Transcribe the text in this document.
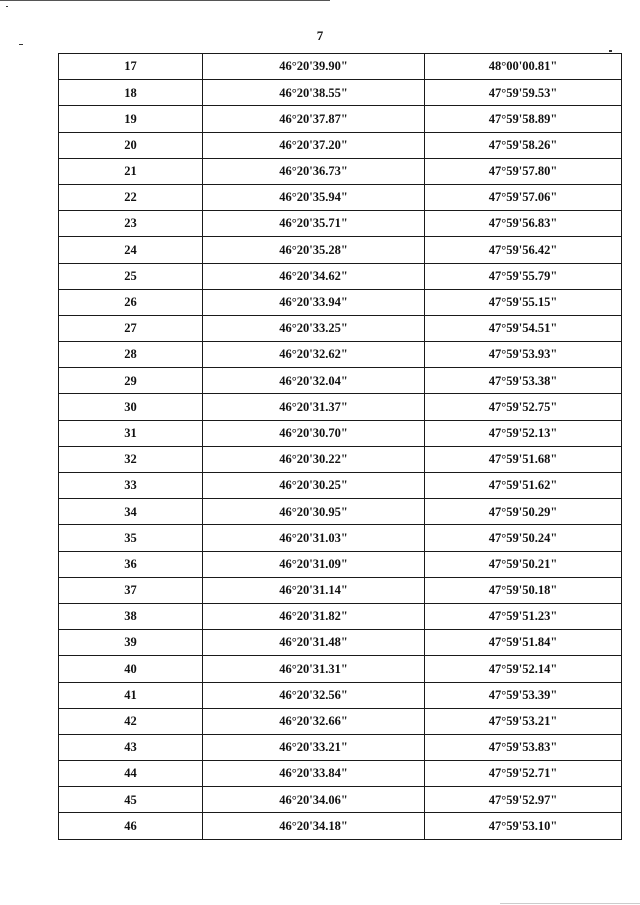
7
17	46°20'39.90"	48°00'00.81"
18	46°20'38.55"	47°59'59.53"
19	46°20'37.87"	47°59'58.89"
20	46°20'37.20"	47°59'58.26"
21	46°20'36.73"	47°59'57.80"
22	46°20'35.94"	47°59'57.06"
23	46°20'35.71"	47°59'56.83"
24	46°20'35.28"	47°59'56.42"
25	46°20'34.62"	47°59'55.79"
26	46°20'33.94"	47°59'55.15"
27	46°20'33.25"	47°59'54.51"
28	46°20'32.62"	47°59'53.93"
29	46°20'32.04"	47°59'53.38"
30	46°20'31.37"	47°59'52.75"
31	46°20'30.70"	47°59'52.13"
32	46°20'30.22"	47°59'51.68"
33	46°20'30.25"	47°59'51.62"
34	46°20'30.95"	47°59'50.29"
35	46°20'31.03"	47°59'50.24"
36	46°20'31.09"	47°59'50.21"
37	46°20'31.14"	47°59'50.18"
38	46°20'31.82"	47°59'51.23"
39	46°20'31.48"	47°59'51.84"
40	46°20'31.31"	47°59'52.14"
41	46°20'32.56"	47°59'53.39"
42	46°20'32.66"	47°59'53.21"
43	46°20'33.21"	47°59'53.83"
44	46°20'33.84"	47°59'52.71"
45	46°20'34.06"	47°59'52.97"
46	46°20'34.18"	47°59'53.10"
